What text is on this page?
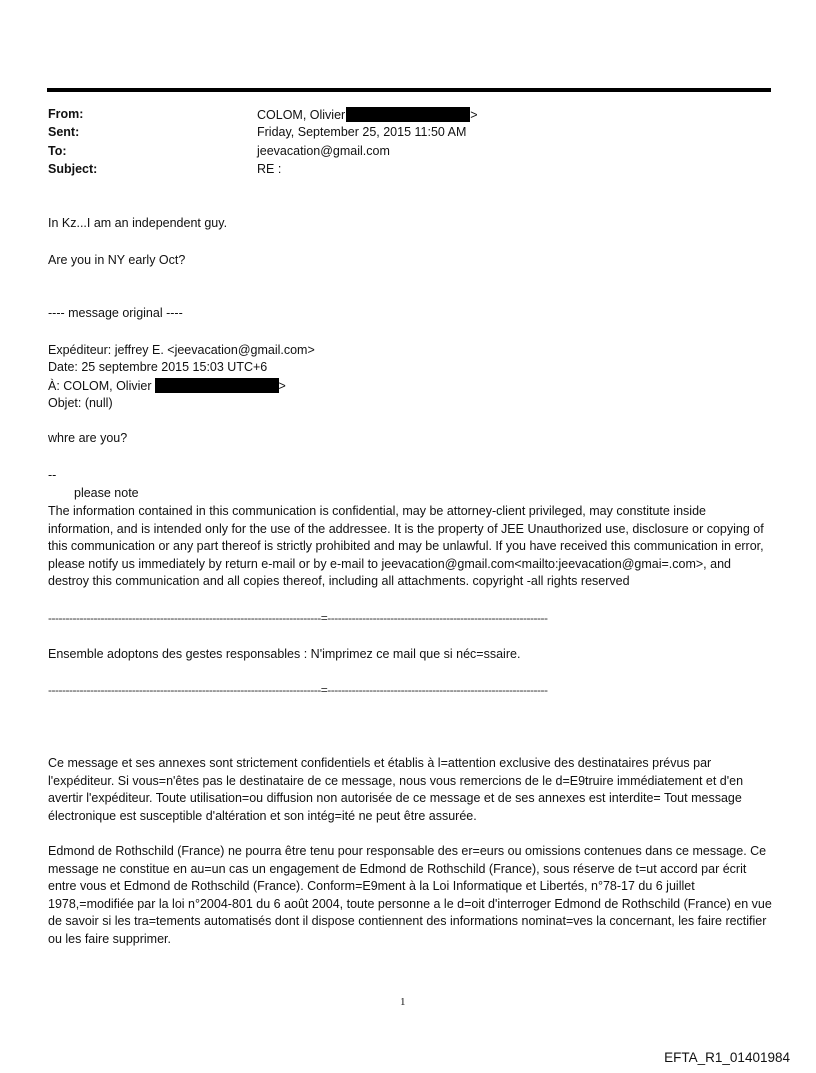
From:	COLOM, Olivier	>
Sent:	Friday, September 25, 2015 11:50 AM
To:	jeevacation@gmail.com
Subject:	RE :
In Kz...I am an independent guy.
Are you in NY early Oct?
---- message original ----
Expéditeur: jeffrey E. <jeevacation@gmail.com>
Date: 25 septembre 2015 15:03 UTC+6
À: COLOM, Olivier	>
Objet: (null)
whre are you?
--
please note
The information contained in this communication is confidential, may be attorney-client privileged, may constitute inside information, and is intended only for the use of the addressee. It is the property of JEE Unauthorized use, disclosure or copying of this communication or any part thereof is strictly prohibited and may be unlawful. If you have received this communication in error, please notify us immediately by return e-mail or by e-mail to jeevacation@gmail.com<mailto:jeevacation@gmai=.com>, and destroy this communication and all copies thereof, including all attachments. copyright -all rights reserved
------------------------------------------------------------------------------=---------------------------------------------------------------
Ensemble adoptons des gestes responsables : N'imprimez ce mail que si néc=ssaire.
------------------------------------------------------------------------------=---------------------------------------------------------------
Ce message et ses annexes sont strictement confidentiels et établis à l=attention exclusive des destinataires prévus par l'expéditeur. Si vous=n'êtes pas le destinataire de ce message, nous vous remercions de le d=E9truire immédiatement et d'en avertir l'expéditeur. Toute utilisation=ou diffusion non autorisée de ce message et de ses annexes est interdite= Tout message électronique est susceptible d'altération et son intég=ité ne peut être assurée.
Edmond de Rothschild (France) ne pourra être tenu pour responsable des er=eurs ou omissions contenues dans ce message. Ce message ne constitue en au=un cas un engagement de Edmond de Rothschild (France), sous réserve de t=ut accord par écrit entre vous et Edmond de Rothschild (France). Conform=E9ment à la Loi Informatique et Libertés, n°78-17 du 6 juillet 1978,=modifiée par la loi n°2004-801 du 6 août 2004, toute personne a le d=oit d'interroger Edmond de Rothschild (France) en vue de savoir si les tra=tements automatisés dont il dispose contiennent des informations nominat=ves la concernant, les faire rectifier ou les faire supprimer.
1
EFTA_R1_01401984
